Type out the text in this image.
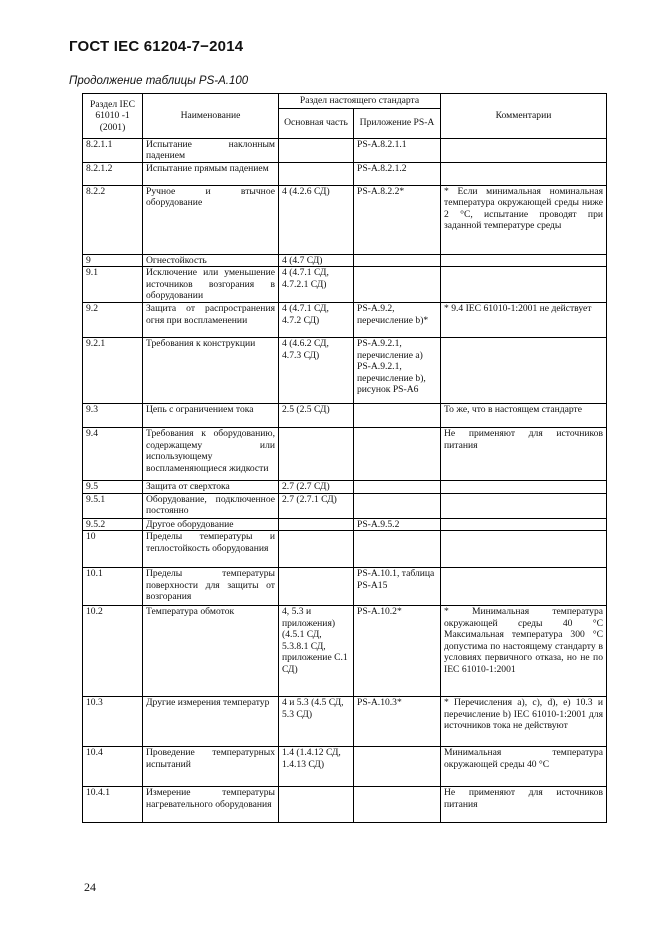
ГОСТ IEC 61204-7−2014
Продолжение таблицы PS-A.100
Раздел IEC 61010 -1 (2001)	Наименование	Раздел настоящего стандарта		Комментарии
		Основная часть	Приложение PS-A	
8.2.1.1	Испытание наклонным падением		PS-A.8.2.1.1	
8.2.1.2	Испытание прямым падением		PS-A.8.2.1.2	
8.2.2	Ручное и втычное оборудование	4 (4.2.6 СД)	PS-A.8.2.2*	* Если минимальная номинальная температура окружающей среды ниже 2 °С, испытание проводят при заданной температуре среды
9	Огнестойкость	4 (4.7 СД)		
9.1	Исключение или уменьшение источников возгорания в оборудовании	4 (4.7.1 СД, 4.7.2.1 СД)		
9.2	Защита от распространения огня при воспламенении	4 (4.7.1 СД, 4.7.2 СД)	PS-A.9.2, перечисление b)*	* 9.4 IEC 61010-1:2001 не действует
9.2.1	Требования к конструкции	4 (4.6.2 СД, 4.7.3 СД)	PS-A.9.2.1, перечисление a) PS-A.9.2.1, перечисление b), рисунок PS-A6	
9.3	Цепь с ограничением тока	2.5 (2.5 СД)		То же, что в настоящем стандарте
9.4	Требования к оборудованию, содержащему или использующему воспламеняющиеся жидкости			Не применяют для источников питания
9.5	Защита от сверхтока	2.7 (2.7 СД)		
9.5.1	Оборудование, подключенное постоянно	2.7 (2.7.1 СД)		
9.5.2	Другое оборудование		PS-A.9.5.2	
10	Пределы температуры и теплостойкость оборудования			
10.1	Пределы температуры поверхности для защиты от возгорания		PS-A.10.1, таблица PS-A15	
10.2	Температура обмоток	4, 5.3 и приложения) (4.5.1 СД, 5.3.8.1 СД, приложение С.1 СД)	PS-A.10.2*	* Минимальная температура окружающей среды 40 °С Максимальная температура 300 °С допустима по настоящему стандарту в условиях первичного отказа, но не по IEC 61010-1:2001
10.3	Другие измерения температур	4 и 5.3 (4.5 СД, 5.3 СД)	PS-A.10.3*	* Перечисления а), с), d), е) 10.3 и перечисление b) IEC 61010-1:2001 для источников тока не действуют
10.4	Проведение температурных испытаний	1.4 (1.4.12 СД, 1.4.13 СД)		Минимальная температура окружающей среды 40 °С
10.4.1	Измерение температуры нагревательного оборудования			Не применяют для источников питания
24
